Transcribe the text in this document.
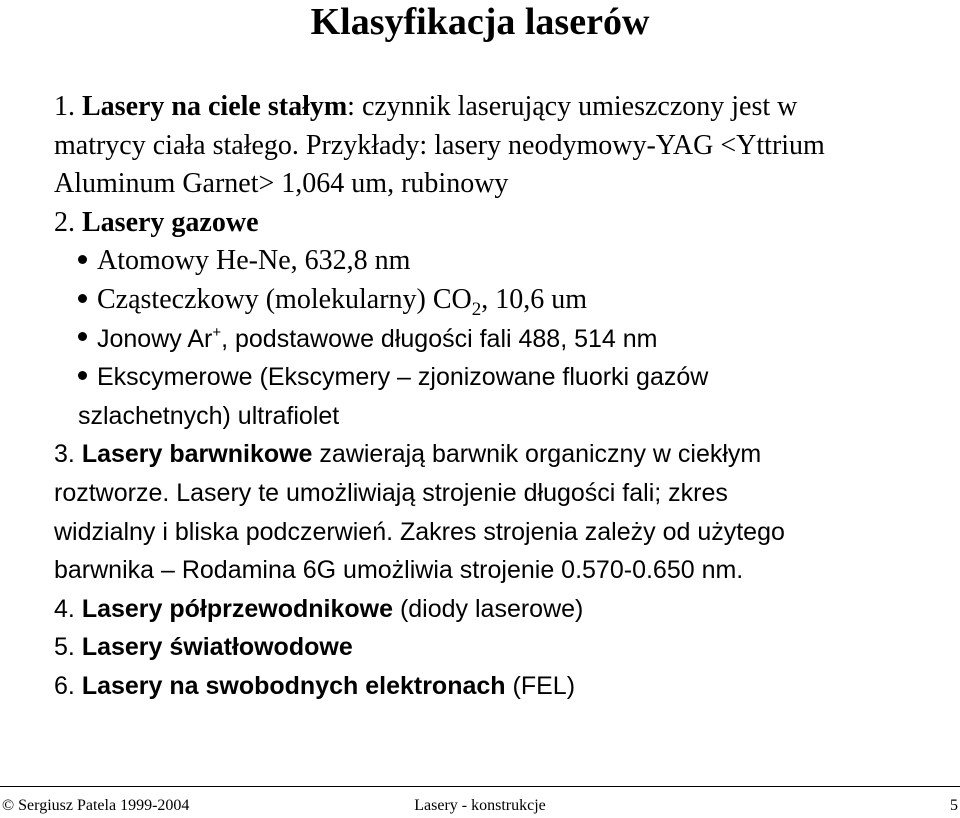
Klasyfikacja laserów
1. Lasery na ciele stałym: czynnik laserujący umieszczony jest w
matrycy ciała stałego. Przykłady: lasery neodymowy-YAG <Yttrium
Aluminum Garnet> 1,064 um, rubinowy
2. Lasery gazowe
Atomowy He-Ne, 632,8 nm
Cząsteczkowy (molekularny) $CO_2$, 10,6 um
Jonowy Ar+, podstawowe długości fali 488, 514 nm
Ekscymerowe (Ekscymery – zjonizowane fluorki gazów
szlachetnych) ultrafiolet
3. Lasery barwnikowe zawierają barwnik organiczny w ciekłym
roztworze. Lasery te umożliwiają strojenie długości fali; zkres
widzialny i bliska podczerwień. Zakres strojenia zależy od użytego
barwnika – Rodamina 6G umożliwia strojenie 0.570-0.650 nm.
4. Lasery półprzewodnikowe (diody laserowe)
5. Lasery światłowodowe
6. Lasery na swobodnych elektronach (FEL)
© Sergiusz Patela 1999-2004	Lasery - konstrukcje	5
